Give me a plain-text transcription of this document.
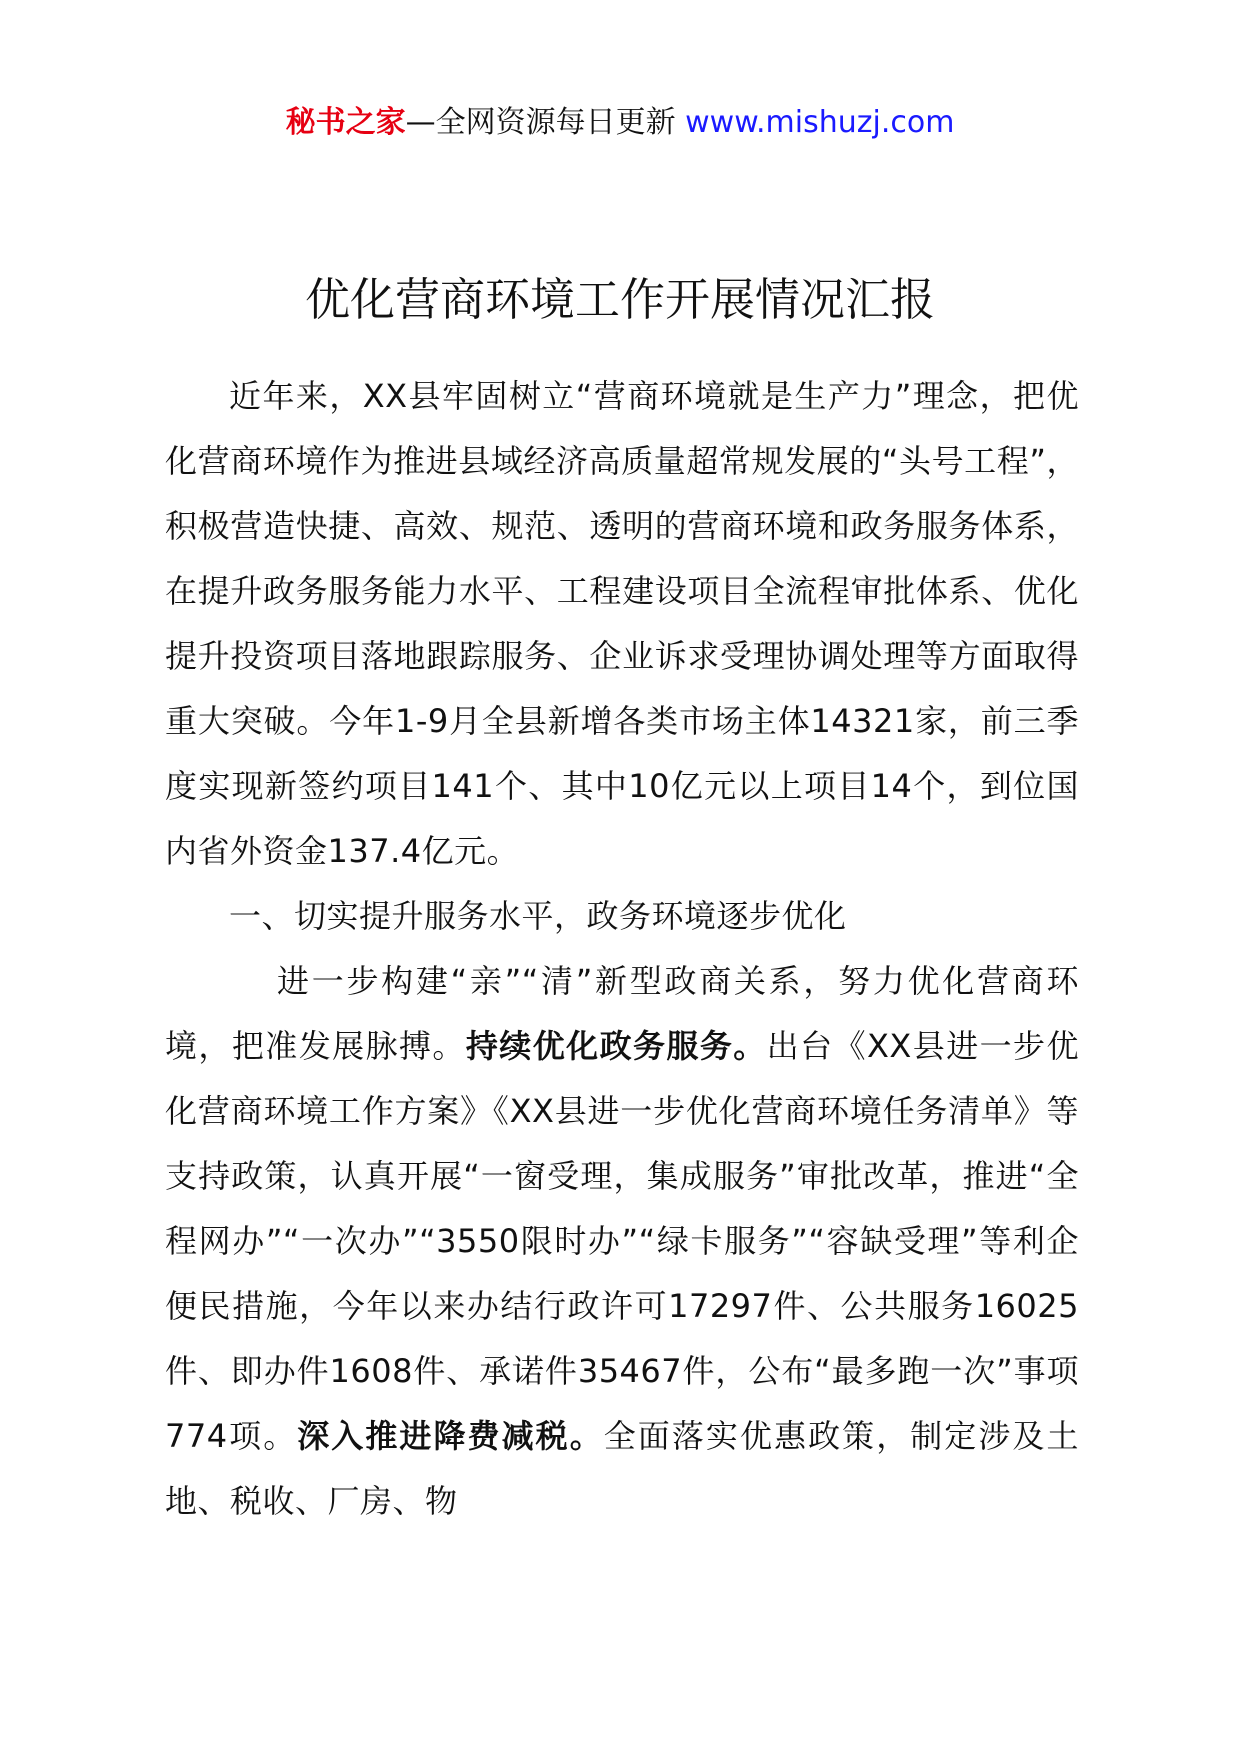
秘书之家—全网资源每日更新 www.mishuzj.com
优化营商环境工作开展情况汇报

近年来，XX县牢固树立“营商环境就是生产力”理念，把优化营商环境作为推进县域经济高质量超常规发展的“头号工程”，积极营造快捷、高效、规范、透明的营商环境和政务服务体系，在提升政务服务能力水平、工程建设项目全流程审批体系、优化提升投资项目落地跟踪服务、企业诉求受理协调处理等方面取得重大突破。今年1-9月全县新增各类市场主体14321家，前三季度实现新签约项目141个、其中10亿元以上项目14个，到位国内省外资金137.4亿元。

一、切实提升服务水平，政务环境逐步优化

进一步构建“亲”“清”新型政商关系，努力优化营商环境，把准发展脉搏。持续优化政务服务。出台《XX县进一步优化营商环境工作方案》《XX县进一步优化营商环境任务清单》等支持政策，认真开展“一窗受理，集成服务”审批改革，推进“全程网办”“一次办”“3550限时办”“绿卡服务”“容缺受理”等利企便民措施，今年以来办结行政许可17297件、公共服务16025件、即办件1608件、承诺件35467件，公布“最多跑一次”事项774项。深入推进降费减税。全面落实优惠政策，制定涉及土地、税收、厂房、物
